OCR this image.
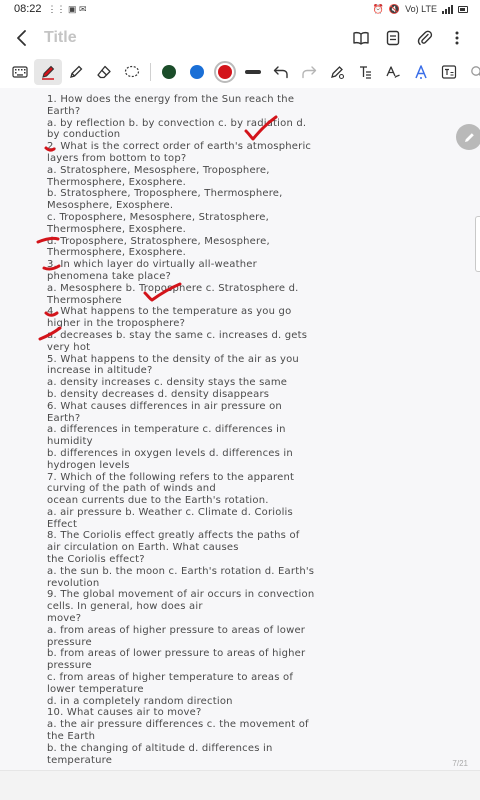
08:22 ⋮⋮ ▣ ✉	⏰ 🔇 Vo) LTE
Title
1. How does the energy from the Sun reach the
Earth?
a. by reflection b. by convection c. by radiation d.
by conduction
2. What is the correct order of earth's atmospheric
layers from bottom to top?
a. Stratosphere, Mesosphere, Troposphere,
Thermosphere, Exosphere.
b. Stratosphere, Troposphere, Thermosphere,
Mesosphere, Exosphere.
c. Troposphere, Mesosphere, Stratosphere,
Thermosphere, Exosphere.
d. Troposphere, Stratosphere, Mesosphere,
Thermosphere, Exosphere.
3. In which layer do virtually all-weather
phenomena take place?
a. Mesosphere b. Troposphere c. Stratosphere d.
Thermosphere
4. What happens to the temperature as you go
higher in the troposphere?
a. decreases b. stay the same c. increases d. gets
very hot
5. What happens to the density of the air as you
increase in altitude?
a. density increases c. density stays the same
b. density decreases d. density disappears
6. What causes differences in air pressure on
Earth?
a. differences in temperature c. differences in
humidity
b. differences in oxygen levels d. differences in
hydrogen levels
7. Which of the following refers to the apparent
curving of the path of winds and
ocean currents due to the Earth's rotation.
a. air pressure b. Weather c. Climate d. Coriolis
Effect
8. The Coriolis effect greatly affects the paths of
air circulation on Earth. What causes
the Coriolis effect?
a. the sun b. the moon c. Earth's rotation d. Earth's
revolution
9. The global movement of air occurs in convection
cells. In general, how does air
move?
a. from areas of higher pressure to areas of lower
pressure
b. from areas of lower pressure to areas of higher
pressure
c. from areas of higher temperature to areas of
lower temperature
d. in a completely random direction
10. What causes air to move?
a. the air pressure differences c. the movement of
the Earth
b. the changing of altitude d. differences in
temperature	7/21
